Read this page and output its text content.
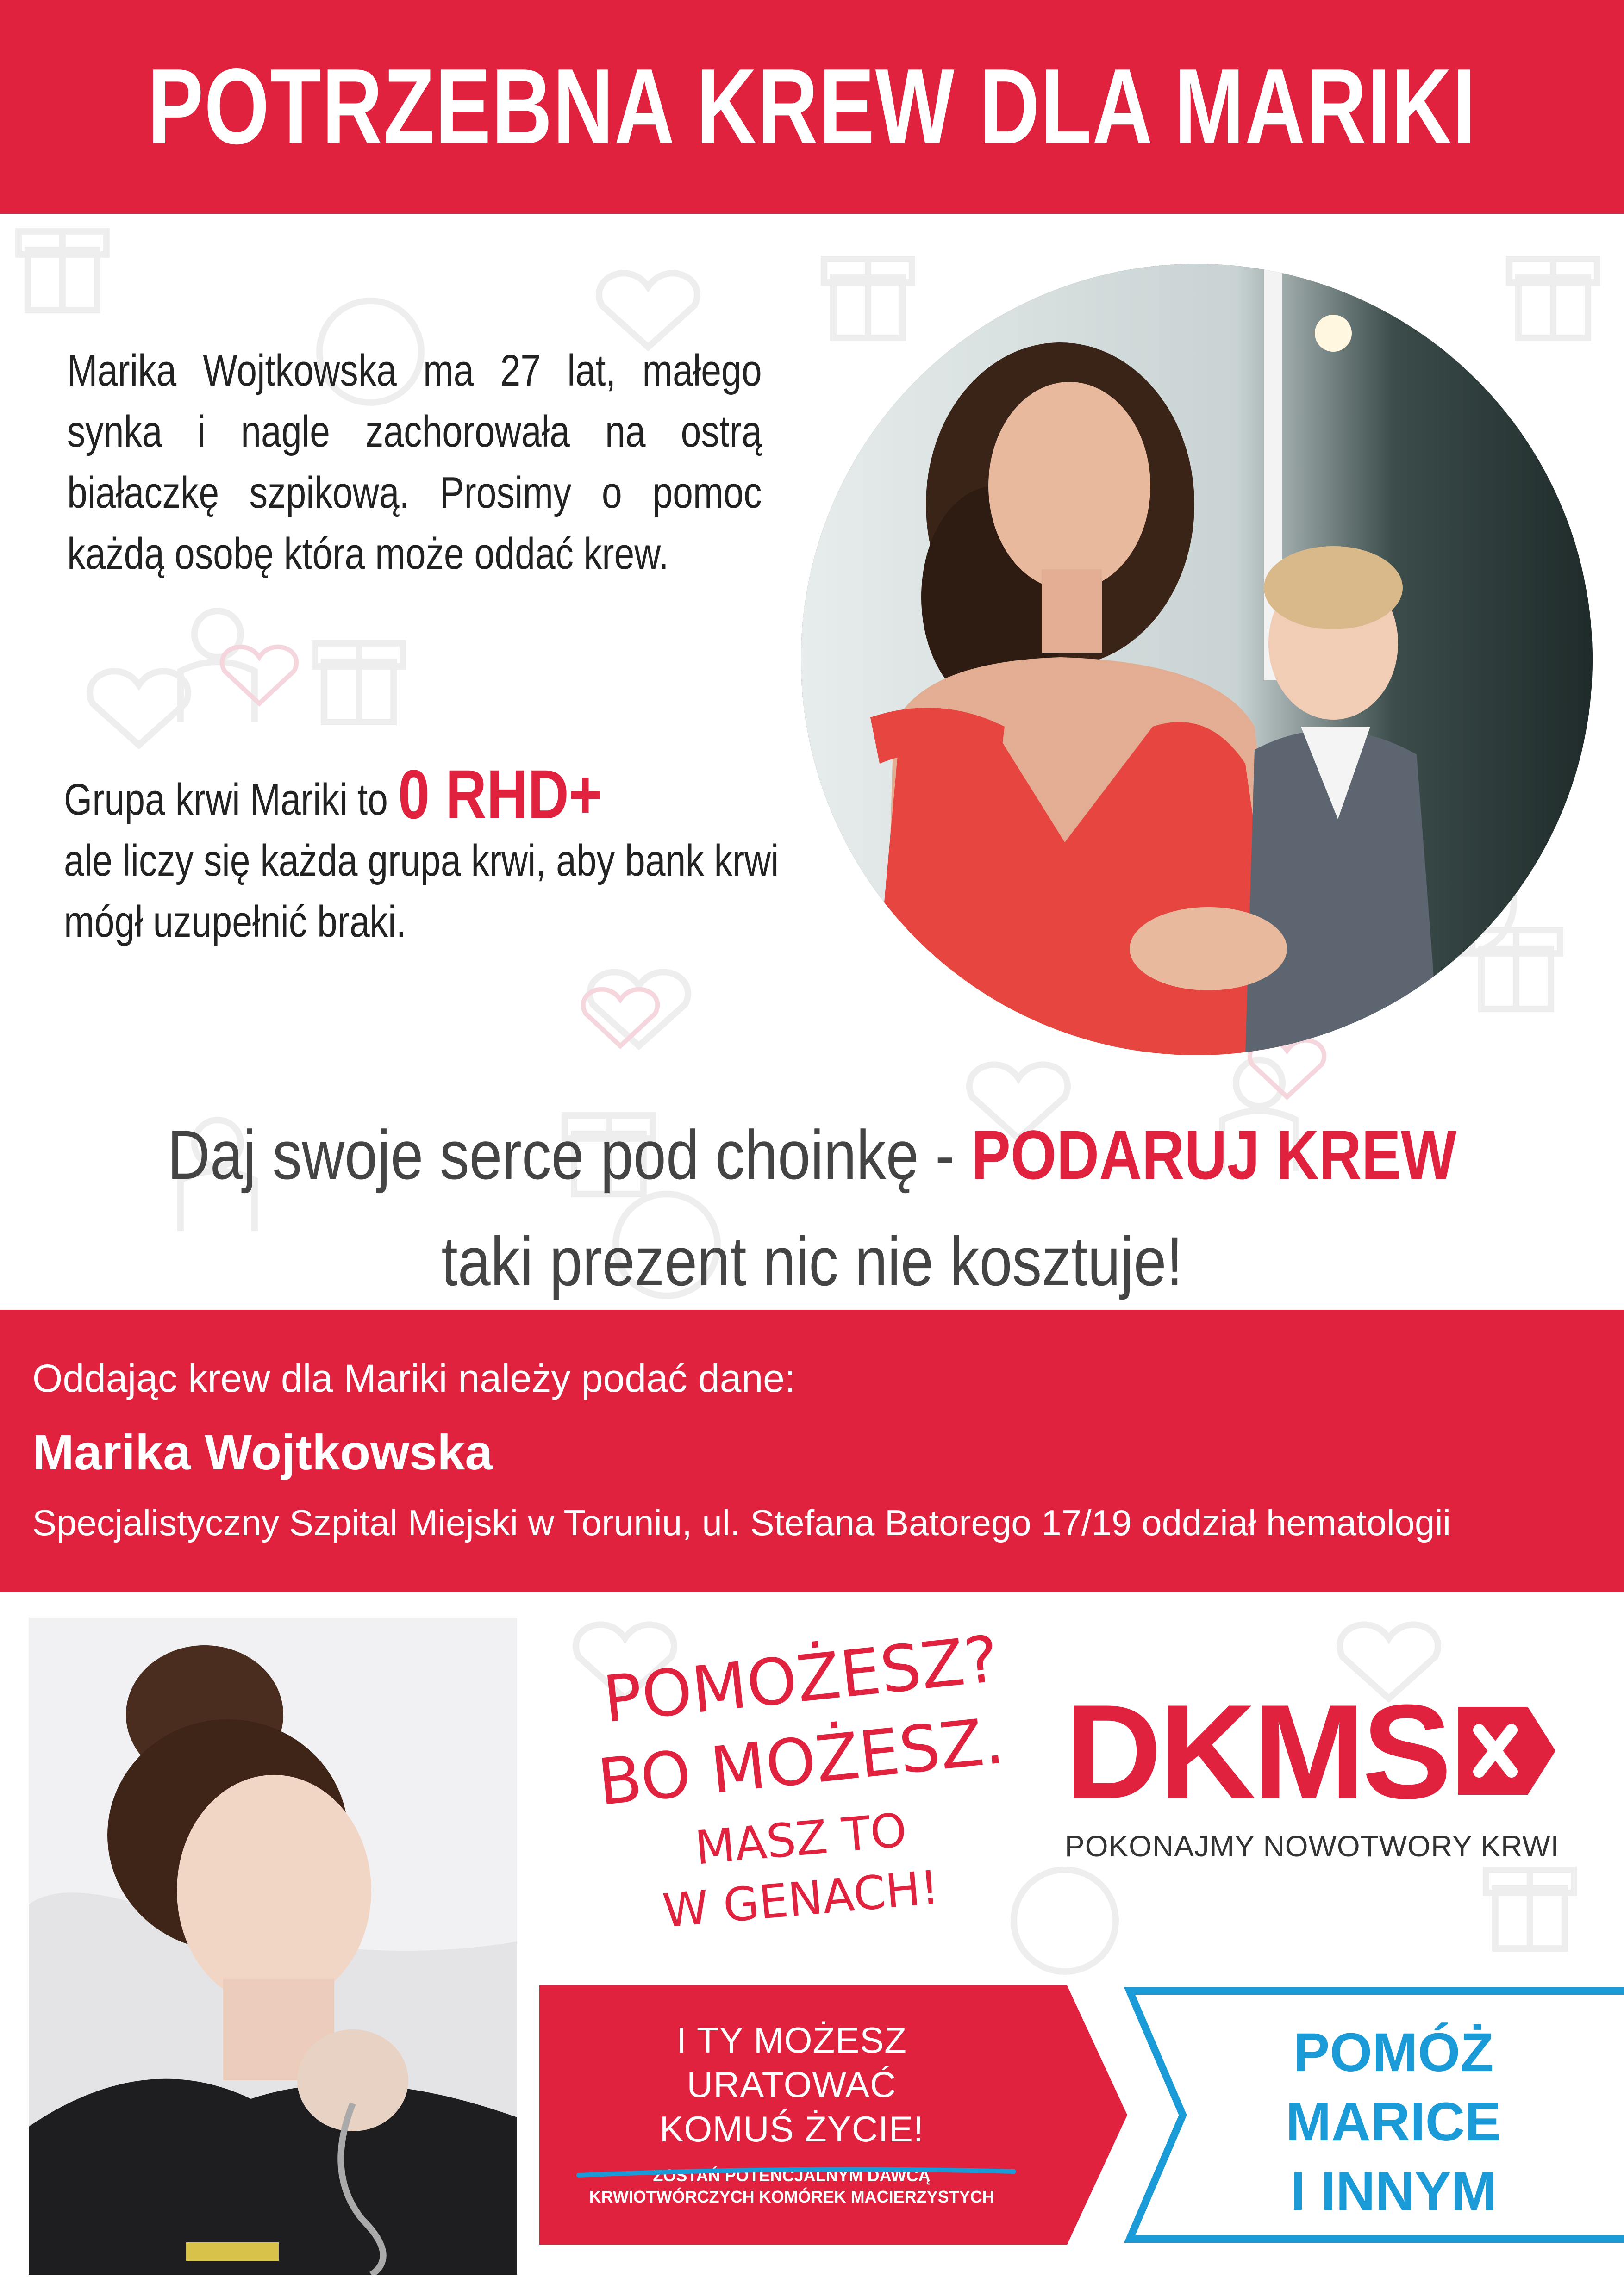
POTRZEBNA KREW DLA MARIKI
Marika Wojtkowska ma 27 lat, małego synka i nagle zachorowała na ostrą białaczkę szpikową. Prosimy o pomoc każdą osobę która może oddać krew.
Grupa krwi Mariki to 0 RHD+
ale liczy się każda grupa krwi, aby bank krwi mógł uzupełnić braki.
Daj swoje serce pod choinkę - PODARUJ KREW
taki prezent nic nie kosztuje!
Oddając krew dla Mariki należy podać dane:
Marika Wojtkowska
Specjalistyczny Szpital Miejski w Toruniu, ul. Stefana Batorego 17/19 oddział hematologii
POMOŻESZ?
BO MOŻESZ.
MASZ TO
W GENACH!
DKMS
POKONAJMY NOWOTWORY KRWI
I TY MOŻESZ
URATOWAĆ
KOMUŚ ŻYCIE!
ZOSTAŃ POTENCJALNYM DAWCĄ
KRWIOTWÓRCZYCH KOMÓREK MACIERZYSTYCH
POMÓŻ
MARICE
I INNYM
